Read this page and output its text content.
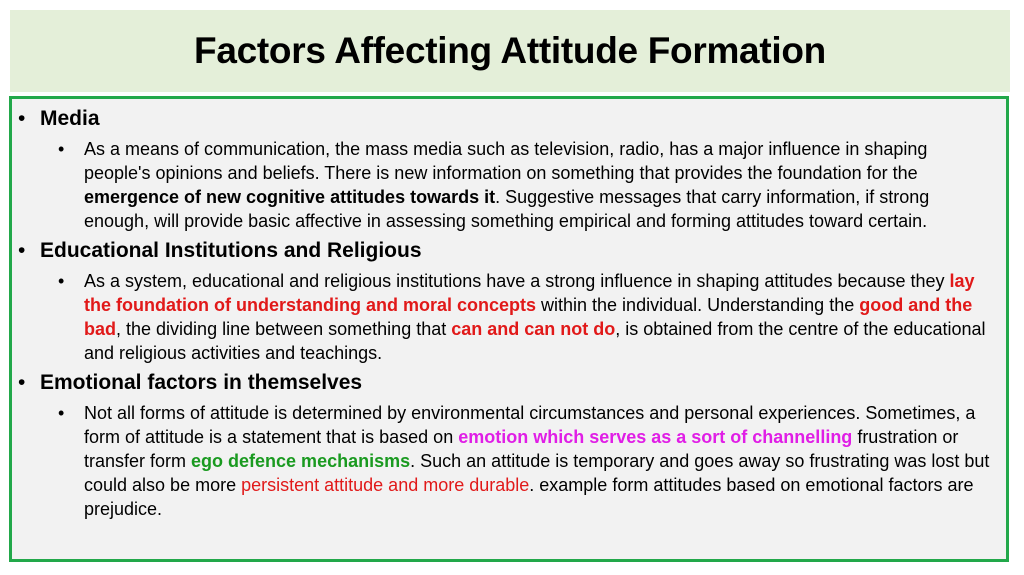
Factors Affecting Attitude Formation
• Media
•	As a means of communication, the mass media such as television, radio, has a major influence in shaping people's opinions and beliefs. There is new information on something that provides the foundation for the emergence of new cognitive attitudes towards it. Suggestive messages that carry information, if strong enough, will provide basic affective in assessing something empirical and forming attitudes toward certain.
• Educational Institutions and Religious
•	As a system, educational and religious institutions have a strong influence in shaping attitudes because they lay the foundation of understanding and moral concepts within the individual. Understanding the good and the bad, the dividing line between something that can and can not do, is obtained from the centre of the educational and religious activities and teachings.
• Emotional factors in themselves
•	Not all forms of attitude is determined by environmental circumstances and personal experiences. Sometimes, a form of attitude is a statement that is based on emotion which serves as a sort of channelling frustration or transfer form ego defence mechanisms. Such an attitude is temporary and goes away so frustrating was lost but could also be more persistent attitude and more durable. example form attitudes based on emotional factors are prejudice.
